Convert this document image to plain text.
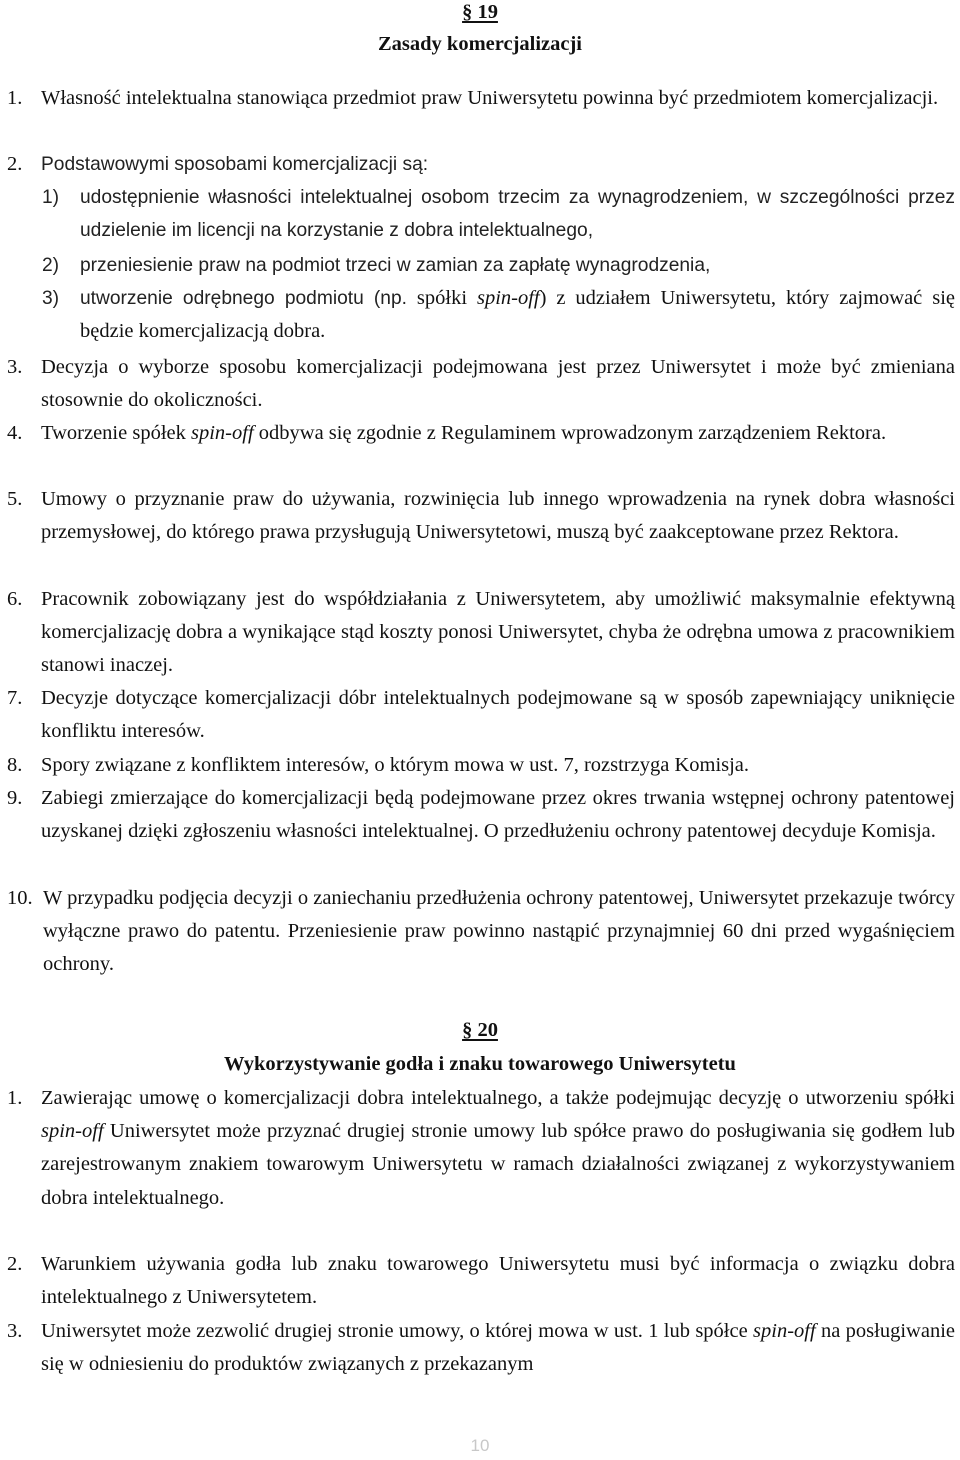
§ 19
Zasady komercjalizacji
1. Własność intelektualna stanowiąca przedmiot praw Uniwersytetu powinna być przedmiotem komercjalizacji.
2. Podstawowymi sposobami komercjalizacji są:
1) udostępnienie własności intelektualnej osobom trzecim za wynagrodzeniem, w szczególności przez udzielenie im licencji na korzystanie z dobra intelektualnego,
2) przeniesienie praw na podmiot trzeci w zamian za zapłatę wynagrodzenia,
3) utworzenie odrębnego podmiotu (np. spółki spin-off) z udziałem Uniwersytetu, który zajmować się będzie komercjalizacją dobra.
3. Decyzja o wyborze sposobu komercjalizacji podejmowana jest przez Uniwersytet i może być zmieniana stosownie do okoliczności.
4. Tworzenie spółek spin-off odbywa się zgodnie z Regulaminem wprowadzonym zarządzeniem Rektora.
5. Umowy o przyznanie praw do używania, rozwinięcia lub innego wprowadzenia na rynek dobra własności przemysłowej, do którego prawa przysługują Uniwersytetowi, muszą być zaakceptowane przez Rektora.
6. Pracownik zobowiązany jest do współdziałania z Uniwersytetem, aby umożliwić maksymalnie efektywną komercjalizację dobra a wynikające stąd koszty ponosi Uniwersytet, chyba że odrębna umowa z pracownikiem stanowi inaczej.
7. Decyzje dotyczące komercjalizacji dóbr intelektualnych podejmowane są w sposób zapewniający uniknięcie konfliktu interesów.
8. Spory związane z konfliktem interesów, o którym mowa w ust. 7, rozstrzyga Komisja.
9. Zabiegi zmierzające do komercjalizacji będą podejmowane przez okres trwania wstępnej ochrony patentowej uzyskanej dzięki zgłoszeniu własności intelektualnej. O przedłużeniu ochrony patentowej decyduje Komisja.
10. W przypadku podjęcia decyzji o zaniechaniu przedłużenia ochrony patentowej, Uniwersytet przekazuje twórcy wyłączne prawo do patentu. Przeniesienie praw powinno nastąpić przynajmniej 60 dni przed wygaśnięciem ochrony.
§ 20
Wykorzystywanie godła i znaku towarowego Uniwersytetu
1. Zawierając umowę o komercjalizacji dobra intelektualnego, a także podejmując decyzję o utworzeniu spółki spin-off Uniwersytet może przyznać drugiej stronie umowy lub spółce prawo do posługiwania się godłem lub zarejestrowanym znakiem towarowym Uniwersytetu w ramach działalności związanej z wykorzystywaniem dobra intelektualnego.
2. Warunkiem używania godła lub znaku towarowego Uniwersytetu musi być informacja o związku dobra intelektualnego z Uniwersytetem.
3. Uniwersytet może zezwolić drugiej stronie umowy, o której mowa w ust. 1 lub spółce spin-off na posługiwanie się w odniesieniu do produktów związanych z przekazanym
10
